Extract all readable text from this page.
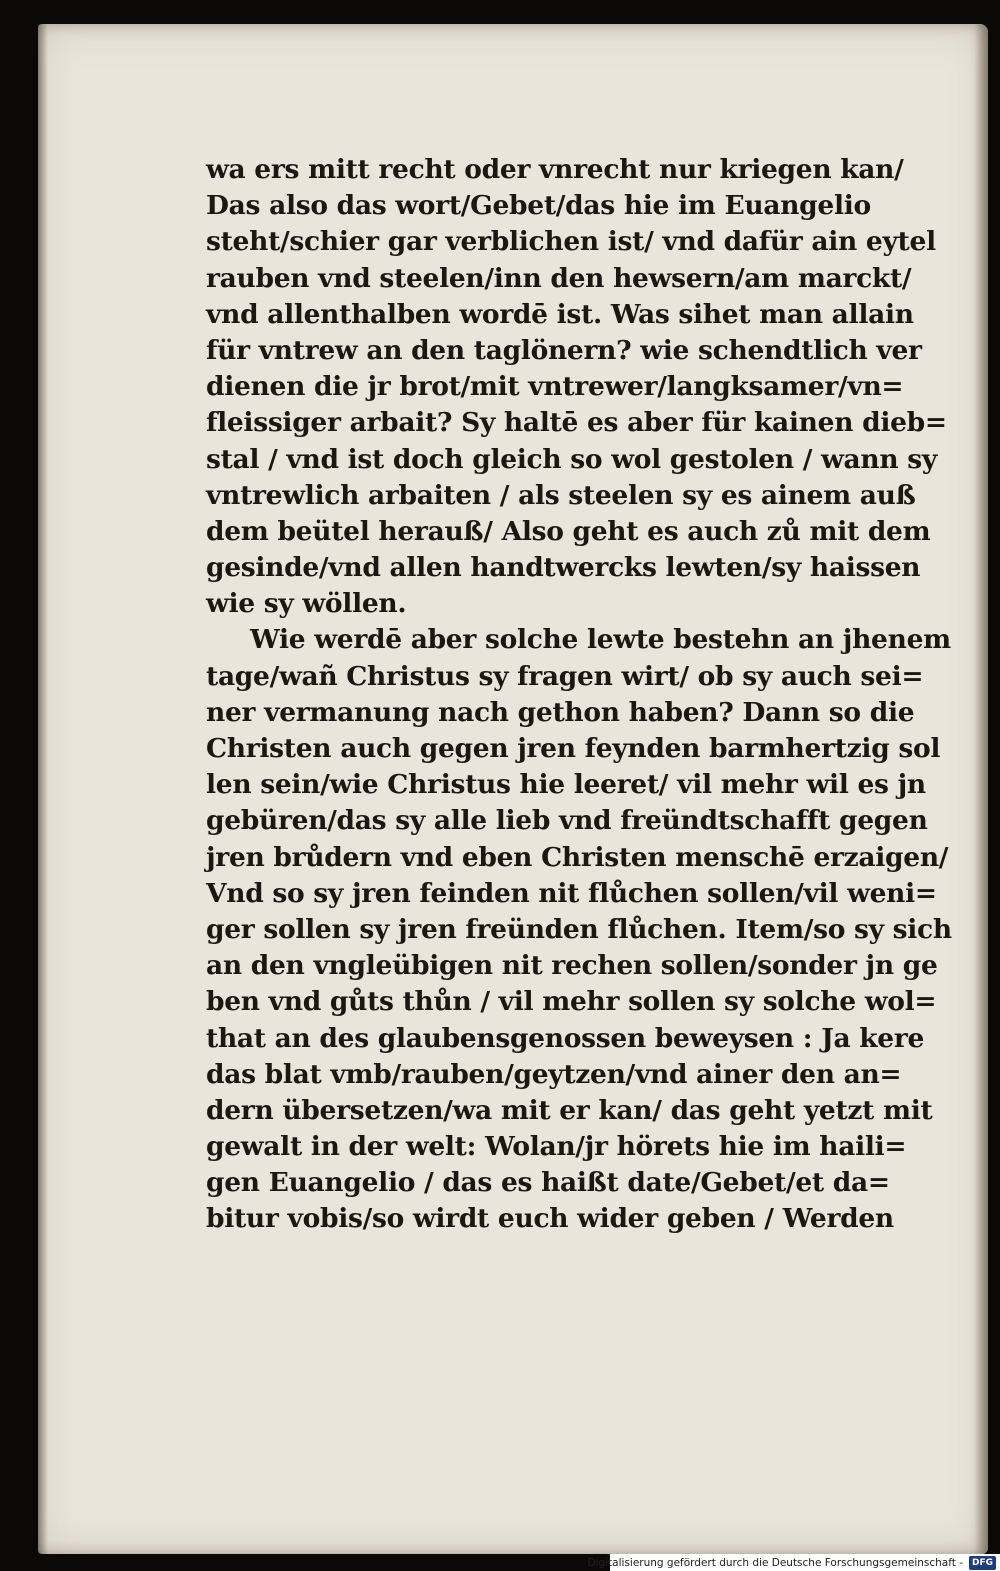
wa ers mitt recht oder vnrecht nur kriegen kan/
Das also das wort/Gebet/das hie im Euangelio
steht/schier gar verblichen ist/ vnd dafür ain eytel
rauben vnd steelen/inn den hewsern/am marckt/
vnd allenthalben wordē ist. Was sihet man allain
für vntrew an den taglönern? wie schendtlich ver
dienen die jr brot/mit vntrewer/langksamer/vn=
fleissiger arbait? Sy haltē es aber für kainen dieb=
stal / vnd ist doch gleich so wol gestolen / wann sy
vntrewlich arbaiten / als steelen sy es ainem auß
dem beütel herauß/ Also geht es auch zů mit dem
gesinde/vnd allen handtwercks lewten/sy haissen
wie sy wöllen.
Wie werdē aber solche lewte bestehn an jhenem
tage/wañ Christus sy fragen wirt/ ob sy auch sei=
ner vermanung nach gethon haben? Dann so die
Christen auch gegen jren feynden barmhertzig sol
len sein/wie Christus hie leeret/ vil mehr wil es jn
gebüren/das sy alle lieb vnd freündtschafft gegen
jren brůdern vnd eben Christen menschē erzaigen/
Vnd so sy jren feinden nit flůchen sollen/vil weni=
ger sollen sy jren freünden flůchen. Item/so sy sich
an den vngleübigen nit rechen sollen/sonder jn ge
ben vnd gůts thůn / vil mehr sollen sy solche wol=
that an des glaubensgenossen beweysen : Ja kere
das blat vmb/rauben/geytzen/vnd ainer den an=
dern übersetzen/wa mit er kan/ das geht yetzt mit
gewalt in der welt: Wolan/jr hörets hie im haili=
gen Euangelio / das es haißt date/Gebet/et da=
bitur vobis/so wirdt euch wider geben / Werden
Digitalisierung gefördert durch die Deutsche Forschungsgemeinschaft -	DFG
